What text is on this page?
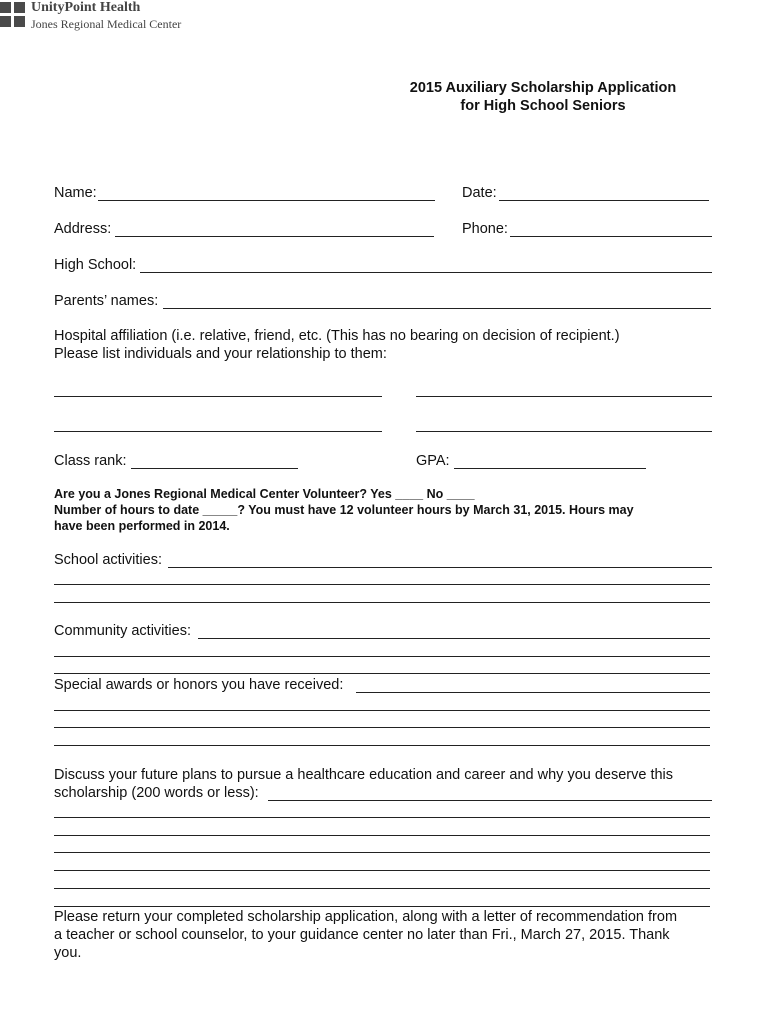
UnityPoint Health
Jones Regional Medical Center
2015 Auxiliary Scholarship Application
for High School Seniors
Name:	Date:
Address:	Phone:
High School:
Parents’ names:
Hospital affiliation (i.e. relative, friend, etc. (This has no bearing on decision of recipient.)
Please list individuals and your relationship to them:
Class rank:	GPA:
Are you a Jones Regional Medical Center Volunteer? Yes ____ No ____
Number of hours to date _____? You must have 12 volunteer hours by March 31, 2015. Hours may
have been performed in 2014.
School activities:
Community activities:
Special awards or honors you have received:
Discuss your future plans to pursue a healthcare education and career and why you deserve this
scholarship (200 words or less):
Please return your completed scholarship application, along with a letter of recommendation from
a teacher or school counselor, to your guidance center no later than Fri., March 27, 2015. Thank
you.
